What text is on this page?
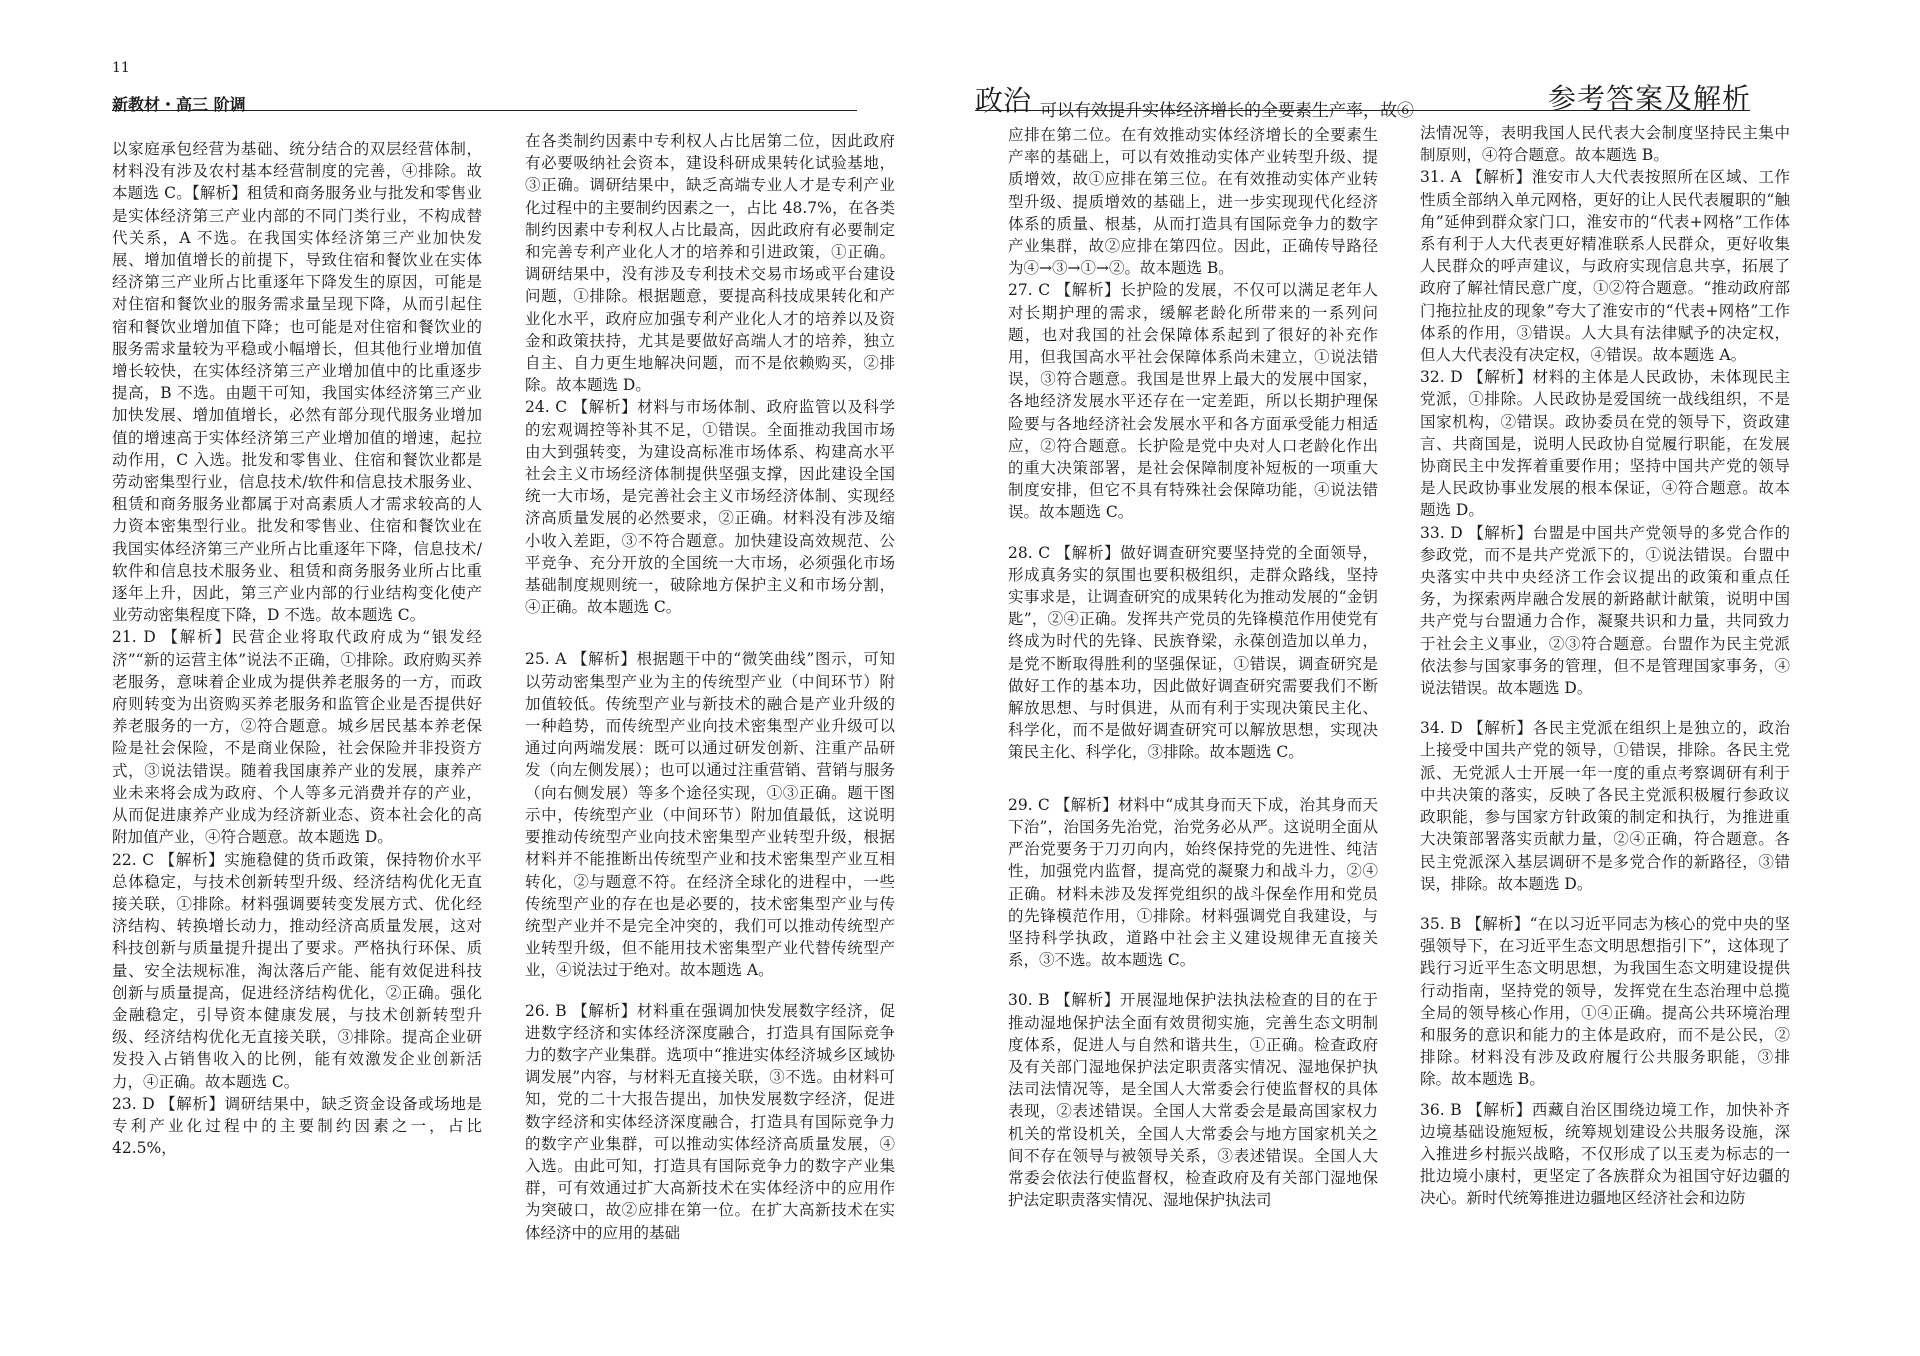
11
新教材・高三 阶调	政治 可以有效提升实体经济增长的全要素生产率，故⑥	参考答案及解析

以家庭承包经营为基础、统分结合的双层经营体制，材料没有涉及农村基本经营制度的完善，④排除。故本题选 C。【解析】租赁和商务服务业与批发和零售业是实体经济第三产业内部的不同门类行业，不构成替代关系，A 不选。在我国实体经济第三产业加快发展、增加值增长的前提下，导致住宿和餐饮业在实体经济第三产业所占比重逐年下降发生的原因，可能是对住宿和餐饮业的服务需求量呈现下降，从而引起住宿和餐饮业增加值下降；也可能是对住宿和餐饮业的服务需求量较为平稳或小幅增长，但其他行业增加值增长较快，在实体经济第三产业增加值中的比重逐步提高，B 不选。由题干可知，我国实体经济第三产业加快发展、增加值增长，必然有部分现代服务业增加值的增速高于实体经济第三产业增加值的增速，起拉动作用，C 入选。批发和零售业、住宿和餐饮业都是劳动密集型行业，信息技术/软件和信息技术服务业、租赁和商务服务业都属于对高素质人才需求较高的人力资本密集型行业。批发和零售业、住宿和餐饮业在我国实体经济第三产业所占比重逐年下降，信息技术/软件和信息技术服务业、租赁和商务服务业所占比重逐年上升，因此，第三产业内部的行业结构变化使产业劳动密集程度下降，D 不选。故本题选 C。

21. D 【解析】民营企业将取代政府成为“银发经济”“新的运营主体”说法不正确，①排除。政府购买养老服务，意味着企业成为提供养老服务的一方，而政府则转变为出资购买养老服务和监管企业是否提供好养老服务的一方，②符合题意。城乡居民基本养老保险是社会保险，不是商业保险，社会保险并非投资方式，③说法错误。随着我国康养产业的发展，康养产业未来将会成为政府、个人等多元消费并存的产业，从而促进康养产业成为经济新业态、资本社会化的高附加值产业，④符合题意。故本题选 D。

22. C 【解析】实施稳健的货币政策，保持物价水平总体稳定，与技术创新转型升级、经济结构优化无直接关联，①排除。材料强调要转变发展方式、优化经济结构、转换增长动力，推动经济高质量发展，这对科技创新与质量提升提出了要求。严格执行环保、质量、安全法规标准，淘汰落后产能、能有效促进科技创新与质量提高，促进经济结构优化，②正确。强化金融稳定，引导资本健康发展，与技术创新转型升级、经济结构优化无直接关联，③排除。提高企业研发投入占销售收入的比例，能有效激发企业创新活力，④正确。故本题选 C。

23. D 【解析】调研结果中，缺乏资金设备或场地是专利产业化过程中的主要制约因素之一，占比 42.5%，

在各类制约因素中专利权人占比居第二位，因此政府有必要吸纳社会资本，建设科研成果转化试验基地，③正确。调研结果中，缺乏高端专业人才是专利产业化过程中的主要制约因素之一，占比 48.7%，在各类制约因素中专利权人占比最高，因此政府有必要制定和完善专利产业化人才的培养和引进政策，①正确。调研结果中，没有涉及专利技术交易市场或平台建设问题，①排除。根据题意，要提高科技成果转化和产业化水平，政府应加强专利产业化人才的培养以及资金和政策扶持，尤其是要做好高端人才的培养，独立自主、自力更生地解决问题，而不是依赖购买，②排除。故本题选 D。

24. C 【解析】材料与市场体制、政府监管以及科学的宏观调控等补其不足，①错误。全面推动我国市场由大到强转变，为建设高标准市场体系、构建高水平社会主义市场经济体制提供坚强支撑，因此建设全国统一大市场，是完善社会主义市场经济体制、实现经济高质量发展的必然要求，②正确。材料没有涉及缩小收入差距，③不符合题意。加快建设高效规范、公平竞争、充分开放的全国统一大市场，必须强化市场基础制度规则统一，破除地方保护主义和市场分割，④正确。故本题选 C。

25. A 【解析】根据题干中的“微笑曲线”图示，可知以劳动密集型产业为主的传统型产业（中间环节）附加值较低。传统型产业与新技术的融合是产业升级的一种趋势，而传统型产业向技术密集型产业升级可以通过向两端发展：既可以通过研发创新、注重产品研发（向左侧发展）；也可以通过注重营销、营销与服务（向右侧发展）等多个途径实现，①③正确。题干图示中，传统型产业（中间环节）附加值最低，这说明要推动传统型产业向技术密集型产业转型升级，根据材料并不能推断出传统型产业和技术密集型产业互相转化，②与题意不符。在经济全球化的进程中，一些传统型产业的存在也是必要的，技术密集型产业与传统型产业并不是完全冲突的，我们可以推动传统型产业转型升级，但不能用技术密集型产业代替传统型产业，④说法过于绝对。故本题选 A。

26. B 【解析】材料重在强调加快发展数字经济，促进数字经济和实体经济深度融合，打造具有国际竞争力的数字产业集群。选项中“推进实体经济城乡区域协调发展”内容，与材料无直接关联，③不选。由材料可知，党的二十大报告提出，加快发展数字经济，促进数字经济和实体经济深度融合，打造具有国际竞争力的数字产业集群，可以推动实体经济高质量发展，④入选。由此可知，打造具有国际竞争力的数字产业集群，可有效通过扩大高新技术在实体经济中的应用作为突破口，故②应排在第一位。在扩大高新技术在实体经济中的应用的基础

应排在第二位。在有效推动实体经济增长的全要素生产率的基础上，可以有效推动实体产业转型升级、提质增效，故①应排在第三位。在有效推动实体产业转型升级、提质增效的基础上，进一步实现现代化经济体系的质量、根基，从而打造具有国际竞争力的数字产业集群，故②应排在第四位。因此，正确传导路径为④→③→①→②。故本题选 B。

27. C 【解析】长护险的发展，不仅可以满足老年人对长期护理的需求，缓解老龄化所带来的一系列问题，也对我国的社会保障体系起到了很好的补充作用，但我国高水平社会保障体系尚未建立，①说法错误，③符合题意。我国是世界上最大的发展中国家，各地经济发展水平还存在一定差距，所以长期护理保险要与各地经济社会发展水平和各方面承受能力相适应，②符合题意。长护险是党中央对人口老龄化作出的重大决策部署，是社会保障制度补短板的一项重大制度安排，但它不具有特殊社会保障功能，④说法错误。故本题选 C。

28. C 【解析】做好调查研究要坚持党的全面领导，形成真务实的氛围也要积极组织，走群众路线，坚持实事求是，让调查研究的成果转化为推动发展的“金钥匙”，②④正确。发挥共产党员的先锋模范作用使党有终成为时代的先锋、民族脊梁，永葆创造加以单力，是党不断取得胜利的坚强保证，①错误，调查研究是做好工作的基本功，因此做好调查研究需要我们不断解放思想、与时俱进，从而有利于实现决策民主化、科学化，而不是做好调查研究可以解放思想，实现决策民主化、科学化，③排除。故本题选 C。

29. C 【解析】材料中“成其身而天下成，治其身而天下治”，治国务先治党，治党务必从严。这说明全面从严治党要务于刀刃向内，始终保持党的先进性、纯洁性，加强党内监督，提高党的凝聚力和战斗力，②④正确。材料未涉及发挥党组织的战斗保垒作用和党员的先锋模范作用，①排除。材料强调党自我建设，与坚持科学执政，道路中社会主义建设规律无直接关系，③不选。故本题选 C。

30. B 【解析】开展湿地保护法执法检查的目的在于推动湿地保护法全面有效贯彻实施，完善生态文明制度体系，促进人与自然和谐共生，①正确。检查政府及有关部门湿地保护法定职责落实情况、湿地保护执法司法情况等，是全国人大常委会行使监督权的具体表现，②表述错误。全国人大常委会是最高国家权力机关的常设机关，全国人大常委会与地方国家机关之间不存在领导与被领导关系，③表述错误。全国人大常委会依法行使监督权，检查政府及有关部门湿地保护法定职责落实情况、湿地保护执法司

法情况等，表明我国人民代表大会制度坚持民主集中制原则，④符合题意。故本题选 B。

31. A 【解析】淮安市人大代表按照所在区域、工作性质全部纳入单元网格，更好的让人民代表履职的“触角”延伸到群众家门口，淮安市的“代表+网格”工作体系有利于人大代表更好精准联系人民群众，更好收集人民群众的呼声建议，与政府实现信息共享，拓展了政府了解社情民意广度，①②符合题意。“推动政府部门拖拉扯皮的现象”夸大了淮安市的“代表+网格”工作体系的作用，③错误。人大具有法律赋予的决定权，但人大代表没有决定权，④错误。故本题选 A。

32. D 【解析】材料的主体是人民政协，未体现民主党派，①排除。人民政协是爱国统一战线组织，不是国家机构，②错误。政协委员在党的领导下，资政建言、共商国是，说明人民政协自觉履行职能，在发展协商民主中发挥着重要作用；坚持中国共产党的领导是人民政协事业发展的根本保证，④符合题意。故本题选 D。

33. D 【解析】台盟是中国共产党领导的多党合作的参政党，而不是共产党派下的，①说法错误。台盟中央落实中共中央经济工作会议提出的政策和重点任务，为探索两岸融合发展的新路献计献策，说明中国共产党与台盟通力合作，凝聚共识和力量，共同致力于社会主义事业，②③符合题意。台盟作为民主党派依法参与国家事务的管理，但不是管理国家事务，④说法错误。故本题选 D。

34. D 【解析】各民主党派在组织上是独立的，政治上接受中国共产党的领导，①错误，排除。各民主党派、无党派人士开展一年一度的重点考察调研有利于中共决策的落实，反映了各民主党派积极履行参政议政职能，参与国家方针政策的制定和执行，为推进重大决策部署落实贡献力量，②④正确，符合题意。各民主党派深入基层调研不是多党合作的新路径，③错误，排除。故本题选 D。

35. B 【解析】“在以习近平同志为核心的党中央的坚强领导下，在习近平生态文明思想指引下”，这体现了践行习近平生态文明思想，为我国生态文明建设提供行动指南，坚持党的领导，发挥党在生态治理中总揽全局的领导核心作用，①④正确。提高公共环境治理和服务的意识和能力的主体是政府，而不是公民，②排除。材料没有涉及政府履行公共服务职能，③排除。故本题选 B。

36. B 【解析】西藏自治区围绕边境工作，加快补齐边境基础设施短板，统筹规划建设公共服务设施，深入推进乡村振兴战略，不仅形成了以玉麦为标志的一批边境小康村，更坚定了各族群众为祖国守好边疆的决心。新时代统筹推进边疆地区经济社会和边防
